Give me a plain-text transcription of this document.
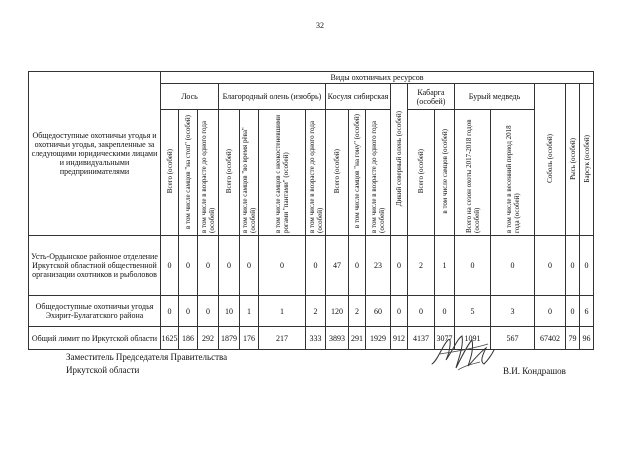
32
Общедоступные охотничьи угодья и охотничьи угодья, закрепленные за следующими юридическими лицами и индивидуальными предпринимателями	Виды охотничьих ресурсов																	
	Лось			Благородный олень (изюбрь)				Косуля сибирская			Дикий северный олень (особей)	Кабарга (особей)		Бурый медведь		Соболь (особей)	Рысь (особей)	Барсук (особей)
	Всего (особей)	в том числе самцов "на стоп" (особей)	в том числе в возрасте до одного года (особей)	Всего (особей)	в том числе самцов "во время рёва" (особей)	в том числе самцов с неокостеневшими рогами "пантами" (особей)	в том числе в возрасте до одного года (особей)	Всего (особей)	в том числе самцов "на гону" (особей)	в том числе в возрасте до одного года (особей)		Всего (особей)	в том числе самцов (особей)	Всего на сезон охоты 2017-2018 годов (особей)	в том числе в весенний период 2018 года (особей)			
Усть-Ордынское районное отделение Иркутской областной общественной организации охотников и рыболовов	0	0	0	0	0	0	0	47	0	23	0	2	1	0	0	0	0	0
Общедоступные охотничьи угодья Эхирит-Булагатского района	0	0	0	10	1	1	2	120	2	60	0	0	0	5	3	0	0	6
Общий лимит по Иркутской области	1625	186	292	1879	176	217	333	3893	291	1929	912	4137	3077	1091	567	67402	79	96
Заместитель Председателя Правительства
Иркутской области	В.И. Кондрашов
